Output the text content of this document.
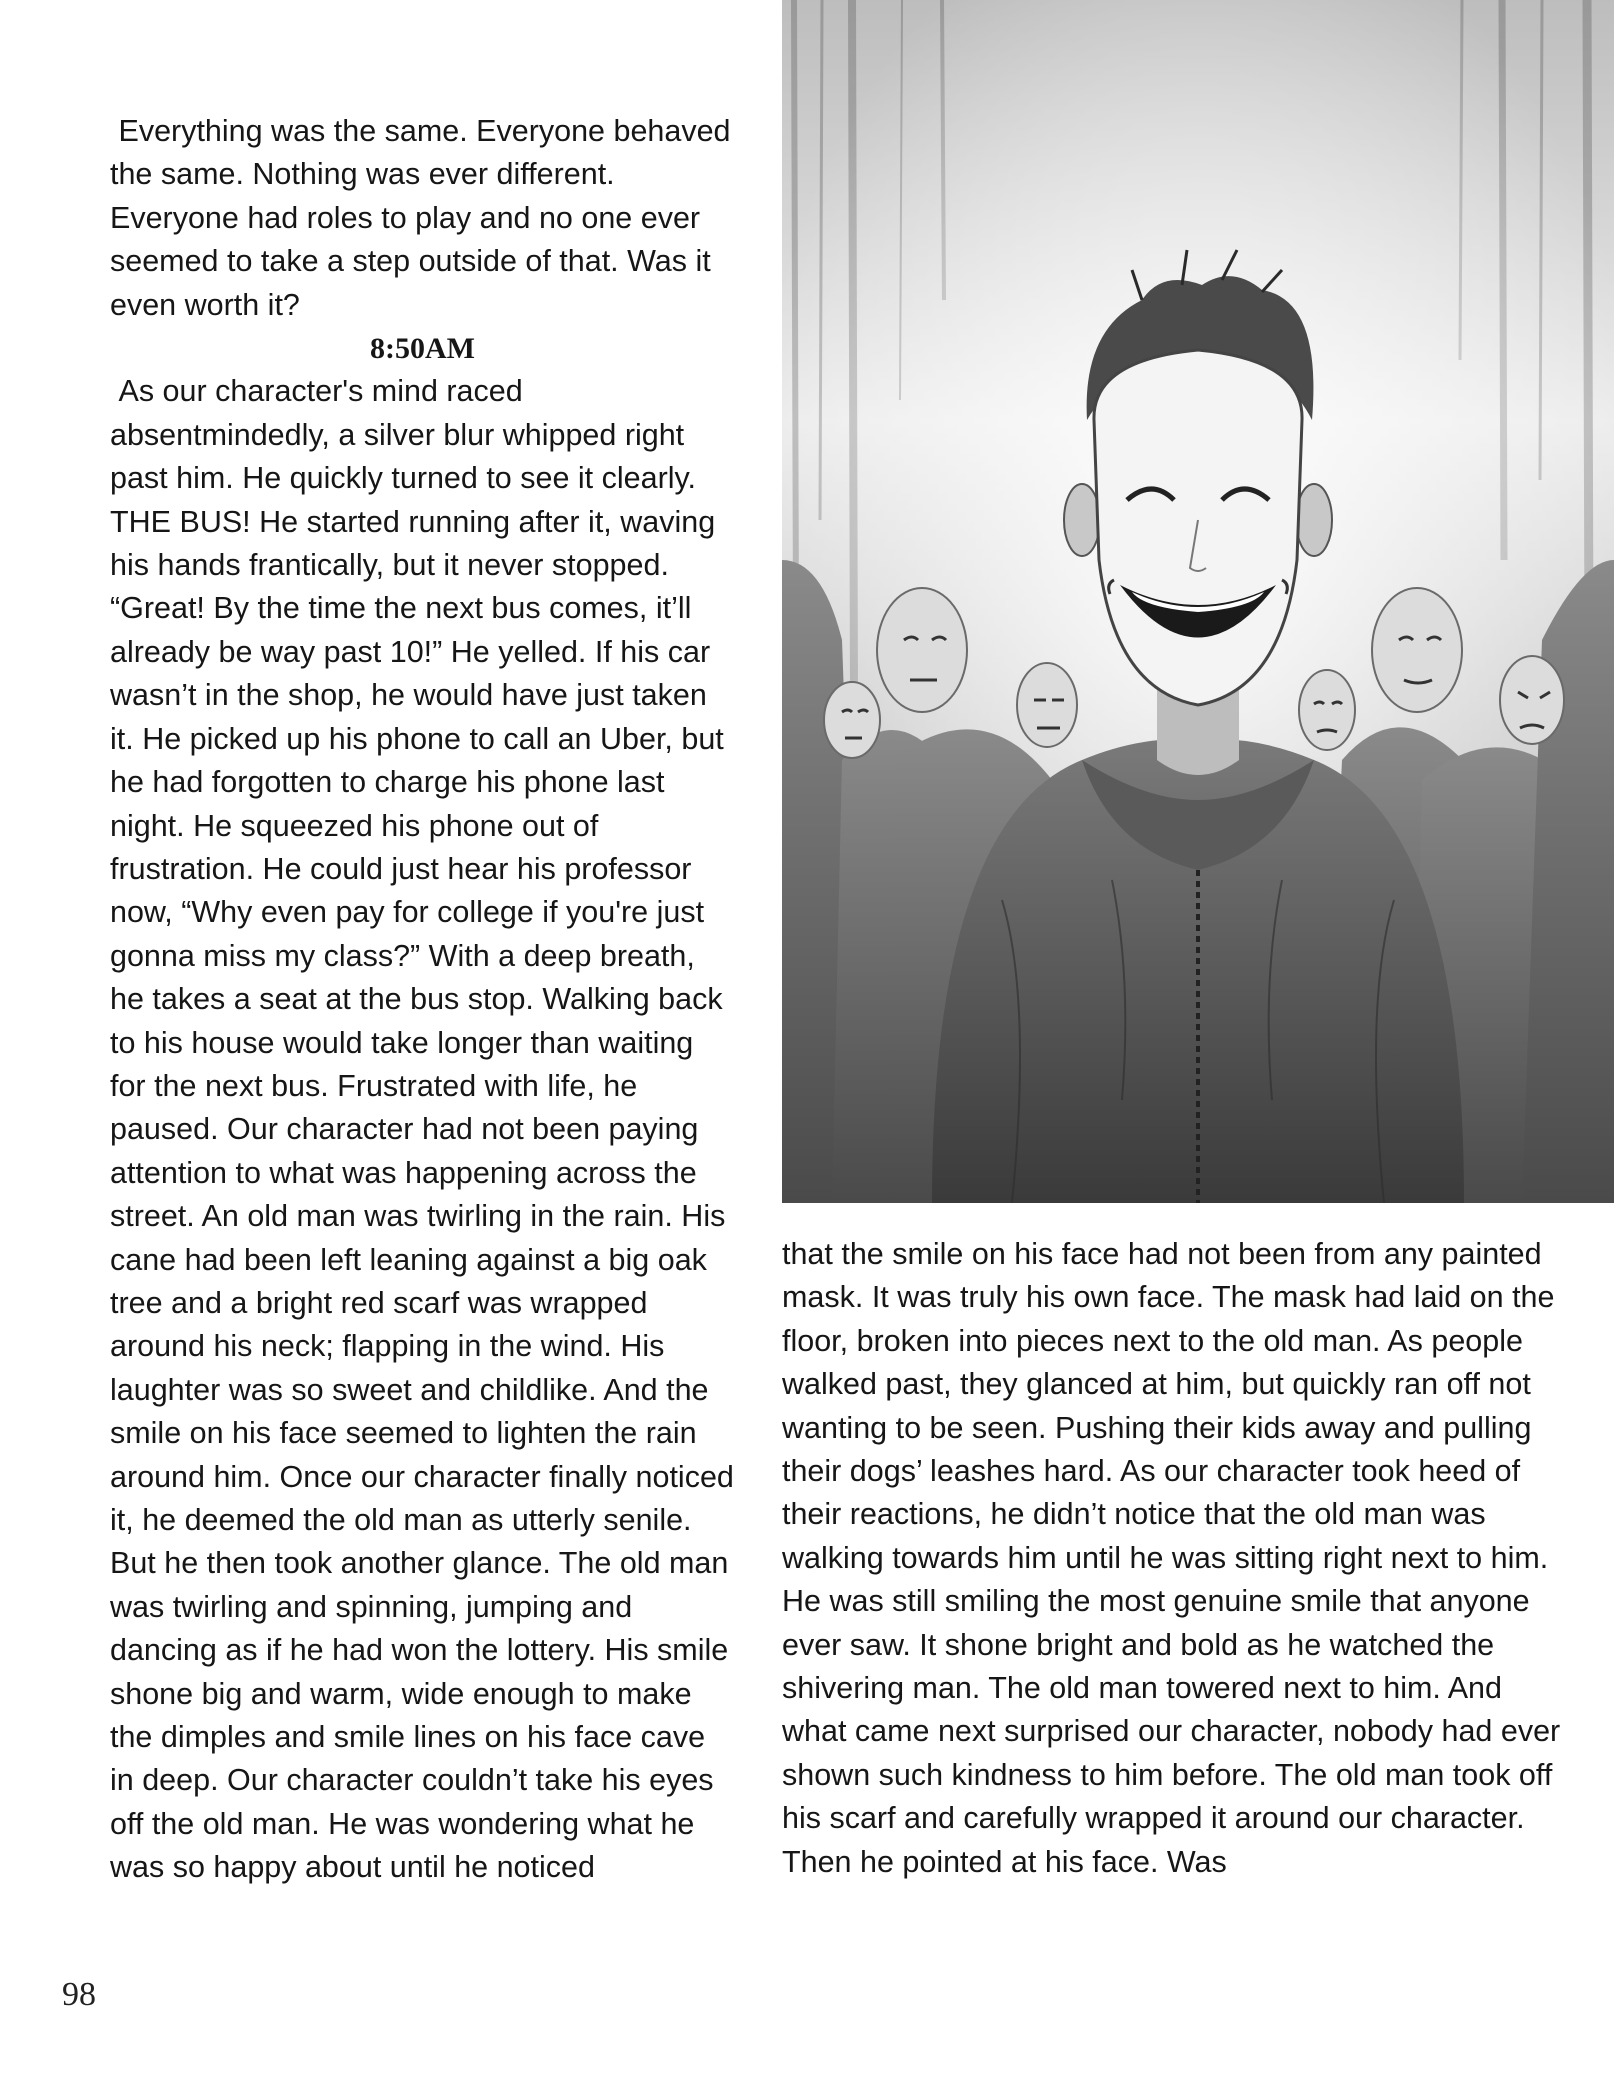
Everything was the same. Everyone behaved the same. Nothing was ever different. Everyone had roles to play and no one ever seemed to take a step outside of that. Was it even worth it?

8:50AM

As our character's mind raced absentmindedly, a silver blur whipped right past him. He quickly turned to see it clearly. THE BUS! He started running after it, waving his hands frantically, but it never stopped. “Great! By the time the next bus comes, it’ll already be way past 10!” He yelled. If his car wasn’t in the shop, he would have just taken it. He picked up his phone to call an Uber, but he had forgotten to charge his phone last night. He squeezed his phone out of frustration. He could just hear his professor now, “Why even pay for college if you're just gonna miss my class?” With a deep breath, he takes a seat at the bus stop. Walking back to his house would take longer than waiting for the next bus. Frustrated with life, he paused. Our character had not been paying attention to what was happening across the street. An old man was twirling in the rain. His cane had been left leaning against a big oak tree and a bright red scarf was wrapped around his neck; flapping in the wind. His laughter was so sweet and childlike. And the smile on his face seemed to lighten the rain around him. Once our character finally noticed it, he deemed the old man as utterly senile. But he then took another glance. The old man was twirling and spinning, jumping and dancing as if he had won the lottery. His smile shone big and warm, wide enough to make the dimples and smile lines on his face cave in deep. Our character couldn’t take his eyes off the old man. He was wondering what he was so happy about until he noticed

that the smile on his face had not been from any painted mask. It was truly his own face. The mask had laid on the floor, broken into pieces next to the old man. As people walked past, they glanced at him, but quickly ran off not wanting to be seen. Pushing their kids away and pulling their dogs’ leashes hard. As our character took heed of their reactions, he didn’t notice that the old man was walking towards him until he was sitting right next to him. He was still smiling the most genuine smile that anyone ever saw. It shone bright and bold as he watched the shivering man. The old man towered next to him. And what came next surprised our character, nobody had ever shown such kindness to him before. The old man took off his scarf and carefully wrapped it around our character. Then he pointed at his face. Was

98
